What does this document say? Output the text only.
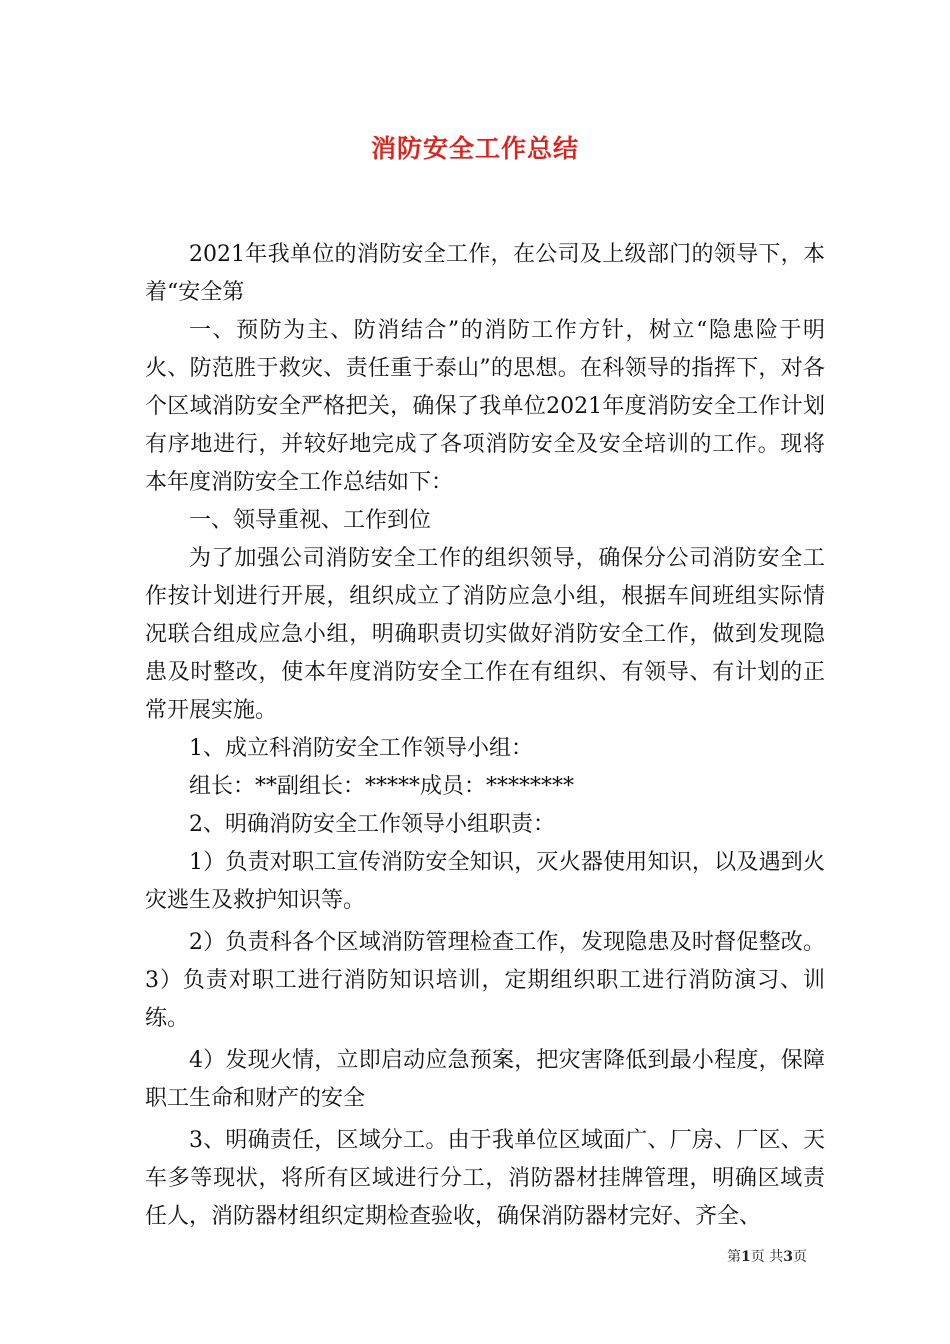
消防安全工作总结

2021年我单位的消防安全工作，在公司及上级部门的领导下，本着“安全第

一、预防为主、防消结合”的消防工作方针，树立“隐患险于明火、防范胜于救灾、责任重于泰山”的思想。在科领导的指挥下，对各个区域消防安全严格把关，确保了我单位2021年度消防安全工作计划有序地进行，并较好地完成了各项消防安全及安全培训的工作。现将本年度消防安全工作总结如下：

一、领导重视、工作到位

为了加强公司消防安全工作的组织领导，确保分公司消防安全工作按计划进行开展，组织成立了消防应急小组，根据车间班组实际情况联合组成应急小组，明确职责切实做好消防安全工作，做到发现隐患及时整改，使本年度消防安全工作在有组织、有领导、有计划的正常开展实施。

1、成立科消防安全工作领导小组：

组长：**副组长：*****成员：********

2、明确消防安全工作领导小组职责：

1）负责对职工宣传消防安全知识，灭火器使用知识，以及遇到火灾逃生及救护知识等。

2）负责科各个区域消防管理检查工作，发现隐患及时督促整改。3）负责对职工进行消防知识培训，定期组织职工进行消防演习、训练。

4）发现火情，立即启动应急预案，把灾害降低到最小程度，保障职工生命和财产的安全

3、明确责任，区域分工。由于我单位区域面广、厂房、厂区、天车多等现状，将所有区域进行分工，消防器材挂牌管理，明确区域责任人，消防器材组织定期检查验收，确保消防器材完好、齐全、

第1页 共3页
